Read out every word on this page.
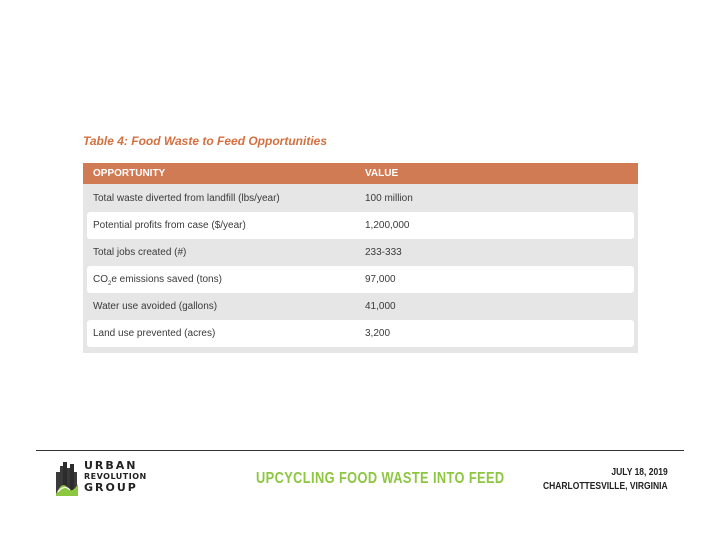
Table 4: Food Waste to Feed Opportunities
OPPORTUNITY	VALUE
Total waste diverted from landfill (lbs/year)	100 million
Potential profits from case ($/year)	1,200,000
Total jobs created (#)	233-333
$CO_2e$ emissions saved (tons)	97,000
Water use avoided (gallons)	41,000
Land use prevented (acres)	3,200
URBAN
REVOLUTION
GROUP
UPCYCLING FOOD WASTE INTO FEED	JULY 18, 2019
CHARLOTTESVILLE, VIRGINIA
